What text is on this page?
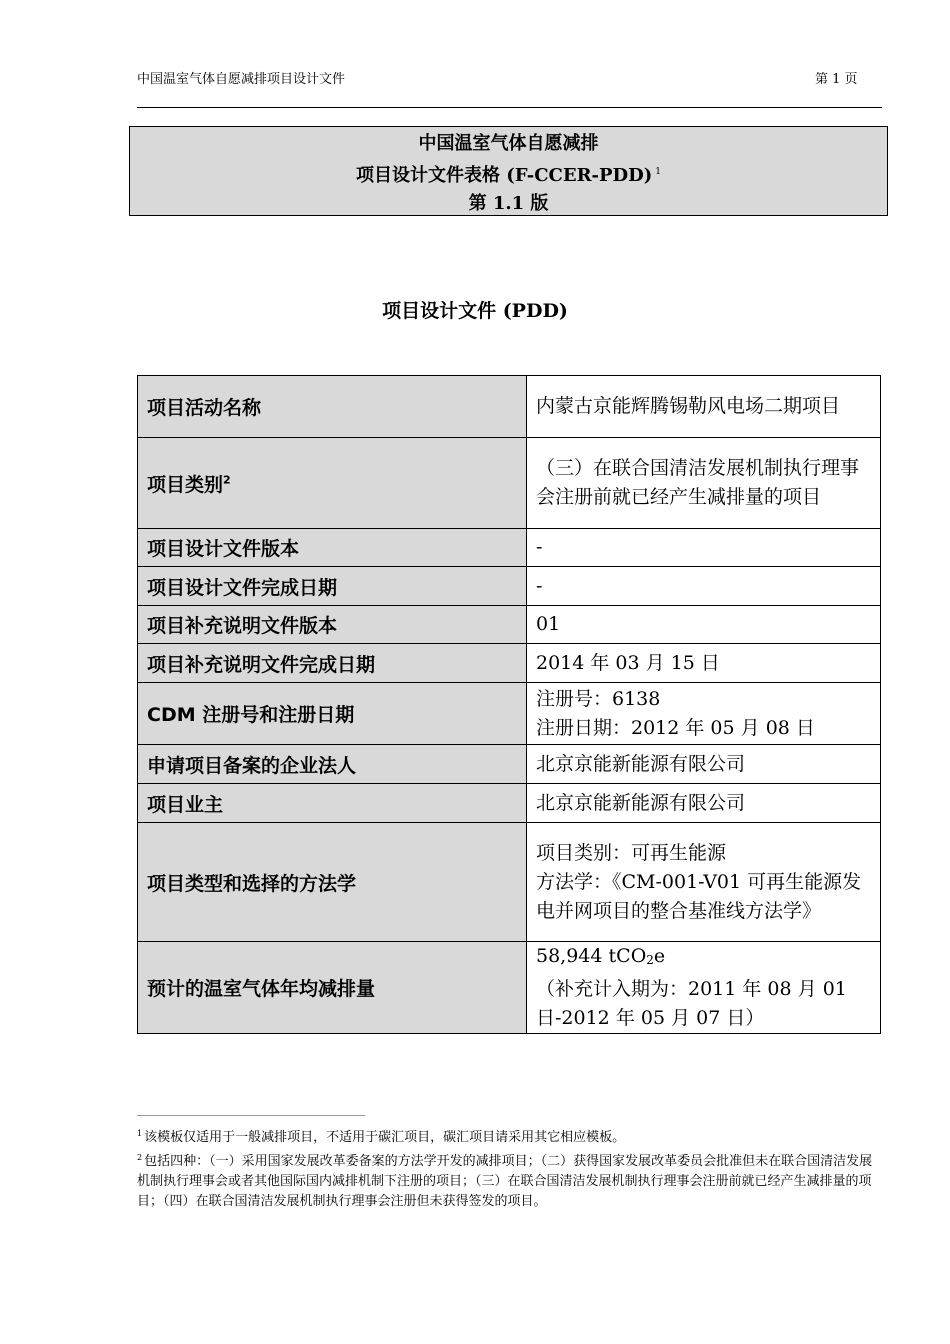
中国温室气体自愿减排项目设计文件	第 1 页
中国温室气体自愿减排
项目设计文件表格 (F-CCER-PDD) $^1$
第 1.1 版
项目设计文件 (PDD)
项目活动名称	内蒙古京能辉腾锡勒风电场二期项目
项目类别$^2$	（三）在联合国清洁发展机制执行理事会注册前就已经产生减排量的项目
项目设计文件版本	-
项目设计文件完成日期	-
项目补充说明文件版本	01
项目补充说明文件完成日期	2014 年 03 月 15 日
CDM 注册号和注册日期	注册号：6138
注册日期：2012 年 05 月 08 日

申请项目备案的企业法人	北京京能新能源有限公司
项目业主	北京京能新能源有限公司
项目类型和选择的方法学	项目类别：可再生能源
方法学：《CM-001-V01 可再生能源发电并网项目的整合基准线方法学》

预计的温室气体年均减排量	58,944 tCO2e
（补充计入期为：2011 年 08 月 01 日-2012 年 05 月 07 日）

$^1$ 该模板仅适用于一般减排项目，不适用于碳汇项目，碳汇项目请采用其它相应模板。

$^2$ 包括四种：（一）采用国家发展改革委备案的方法学开发的减排项目；（二）获得国家发展改革委员会批准但未在联合国清洁发展机制执行理事会或者其他国际国内减排机制下注册的项目；（三）在联合国清洁发展机制执行理事会注册前就已经产生减排量的项目；（四）在联合国清洁发展机制执行理事会注册但未获得签发的项目。
